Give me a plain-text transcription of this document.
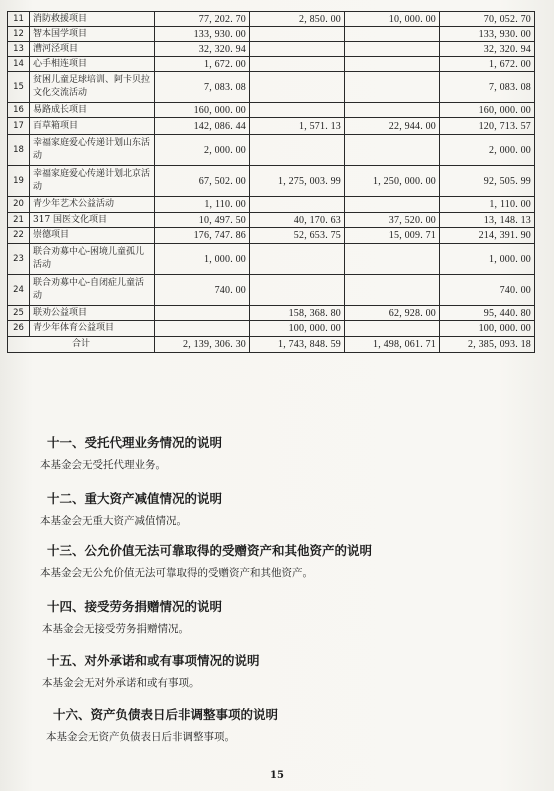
11	消防救援项目	77, 202. 70	2, 850. 00	10, 000. 00	70, 052. 70
12	智本国学项目	133, 930. 00			133, 930. 00
13	漕河泾项目	32, 320. 94			32, 320. 94
14	心手相连项目	1, 672. 00			1, 672. 00
15	贫困儿童足球培训、阿卡贝拉文化交流活动	7, 083. 08			7, 083. 08
16	易路成长项目	160, 000. 00			160, 000. 00
17	百草箱项目	142, 086. 44	1, 571. 13	22, 944. 00	120, 713. 57
18	幸福家庭爱心传递计划山东活动	2, 000. 00			2, 000. 00
19	幸福家庭爱心传递计划北京活动	67, 502. 00	1, 275, 003. 99	1, 250, 000. 00	92, 505. 99
20	青少年艺术公益活动	1, 110. 00			1, 110. 00
21	317 国医文化项目	10, 497. 50	40, 170. 63	37, 520. 00	13, 148. 13
22	崇德项目	176, 747. 86	52, 653. 75	15, 009. 71	214, 391. 90
23	联合劝募中心-困境儿童孤儿活动	1, 000. 00			1, 000. 00
24	联合劝募中心-自闭症儿童活动	740. 00			740. 00
25	联劝公益项目		158, 368. 80	62, 928. 00	95, 440. 80
26	青少年体育公益项目		100, 000. 00		100, 000. 00
合计		2, 139, 306. 30	1, 743, 848. 59	1, 498, 061. 71	2, 385, 093. 18
十一、受托代理业务情况的说明
本基金会无受托代理业务。
十二、重大资产减值情况的说明
本基金会无重大资产减值情况。
十三、公允价值无法可靠取得的受赠资产和其他资产的说明
本基金会无公允价值无法可靠取得的受赠资产和其他资产。
十四、接受劳务捐赠情况的说明
本基金会无接受劳务捐赠情况。
十五、对外承诺和或有事项情况的说明
本基金会无对外承诺和或有事项。
十六、资产负债表日后非调整事项的说明
本基金会无资产负债表日后非调整事项。
15
